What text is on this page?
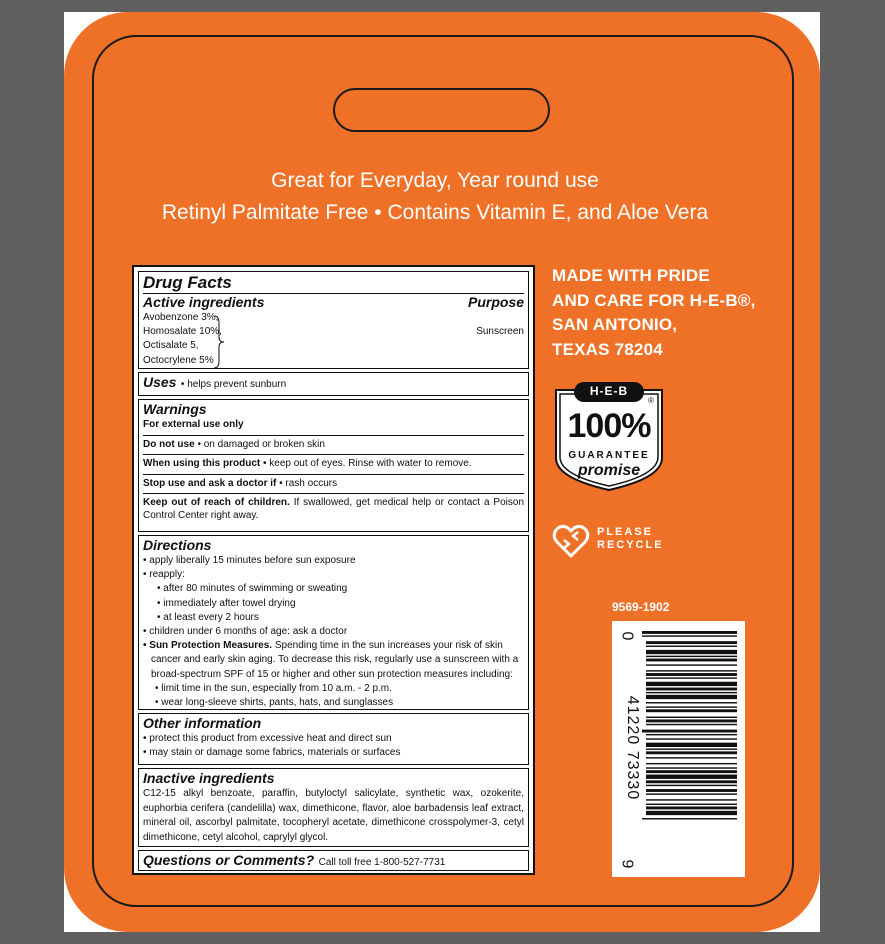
Great for Everyday, Year round use
Retinyl Palmitate Free • Contains Vitamin E, and Aloe Vera
Drug Facts
Active ingredients	Purpose
Avobenzone 3%,
Homosalate 10%,
Octisalate 5,
Octocrylene 5%
Sunscreen
Uses • helps prevent sunburn
Warnings
For external use only
Do not use • on damaged or broken skin
When using this product • keep out of eyes. Rinse with water to remove.
Stop use and ask a doctor if • rash occurs
Keep out of reach of children. If swallowed, get medical help or contact a Poison Control Center right away.
Directions
• apply liberally 15 minutes before sun exposure
• reapply:
• after 80 minutes of swimming or sweating
• immediately after towel drying
• at least every 2 hours
• children under 6 months of age: ask a doctor
• Sun Protection Measures. Spending time in the sun increases your risk of skin cancer and early skin aging. To decrease this risk, regularly use a sunscreen with a broad-spectrum SPF of 15 or higher and other sun protection measures including:
• limit time in the sun, especially from 10 a.m. - 2 p.m.
• wear long-sleeve shirts, pants, hats, and sunglasses
Other information
• protect this product from excessive heat and direct sun
• may stain or damage some fabrics, materials or surfaces
Inactive ingredients
C12-15 alkyl benzoate, paraffin, butyloctyl salicylate, synthetic wax, ozokerite, euphorbia cerifera (candelilla) wax, dimethicone, flavor, aloe barbadensis leaf extract, mineral oil, ascorbyl palmitate, tocopheryl acetate, dimethicone crosspolymer-3, cetyl dimethicone, cetyl alcohol, caprylyl glycol.
Questions or Comments? Call toll free 1-800-527-7731
MADE WITH PRIDE
AND CARE FOR H-E-B®,
SAN ANTONIO,
TEXAS 78204
H-E-B
®
100%
GUARANTEE
promise
PLEASE
RECYCLE
9569-1902
0
41220 73330
9
